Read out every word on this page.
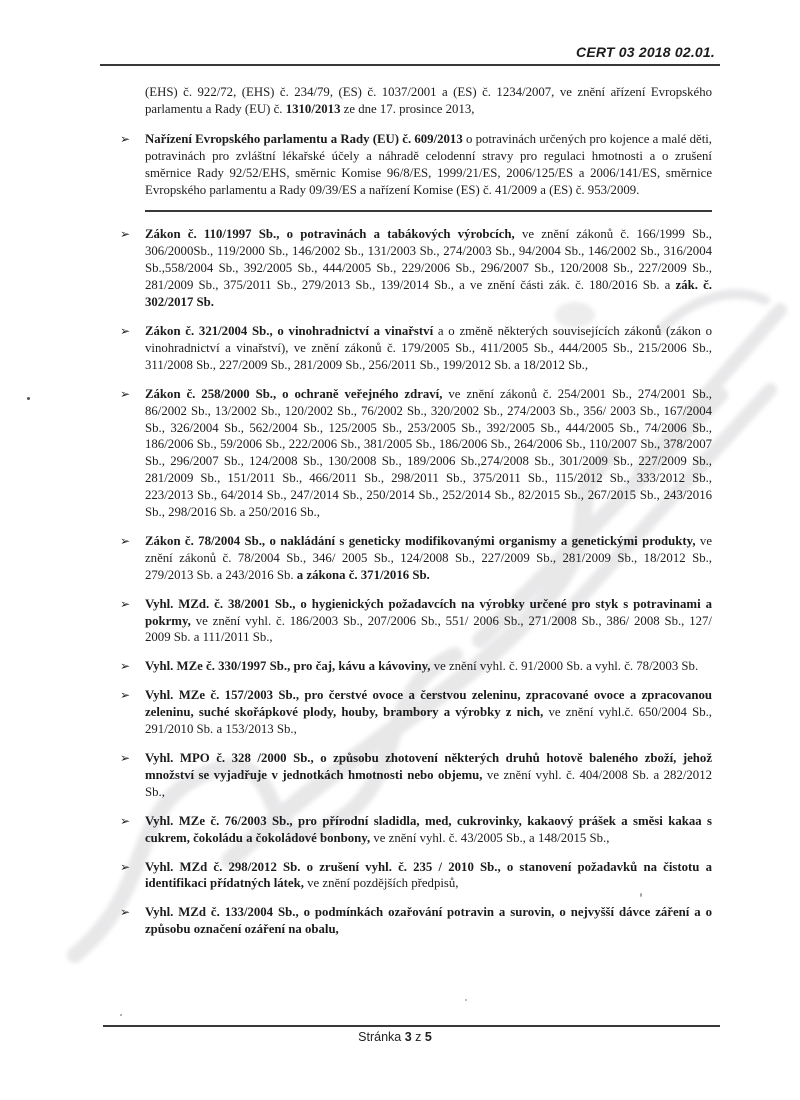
CERT 03 2018 02.01.
(EHS) č. 922/72, (EHS) č. 234/79, (ES) č. 1037/2001 a (ES) č. 1234/2007, ve znění ařízení Evropského parlamentu a Rady (EU) č. 1310/2013 ze dne 17. prosince 2013,
➢ Nařízení Evropského parlamentu a Rady (EU) č. 609/2013 o potravinách určených pro kojence a malé děti, potravinách pro zvláštní lékařské účely a náhradě celodenní stravy pro regulaci hmotnosti a o zrušení směrnice Rady 92/52/EHS, směrnic Komise 96/8/ES, 1999/21/ES, 2006/125/ES a 2006/141/ES, směrnice Evropského parlamentu a Rady 09/39/ES a nařízení Komise (ES) č. 41/2009 a (ES) č. 953/2009.
➢ Zákon č. 110/1997 Sb., o potravinách a tabákových výrobcích, ve znění zákonů č. 166/1999 Sb., 306/2000Sb., 119/2000 Sb., 146/2002 Sb., 131/2003 Sb., 274/2003 Sb., 94/2004 Sb., 146/2002 Sb., 316/2004 Sb.,558/2004 Sb., 392/2005 Sb., 444/2005 Sb., 229/2006 Sb., 296/2007 Sb., 120/2008 Sb., 227/2009 Sb., 281/2009 Sb., 375/2011 Sb., 279/2013 Sb., 139/2014 Sb., a ve znění části zák. č. 180/2016 Sb. a zák. č. 302/2017 Sb.
➢ Zákon č. 321/2004 Sb., o vinohradnictví a vinařství a o změně některých souvisejících zákonů (zákon o vinohradnictví a vinařství), ve znění zákonů č. 179/2005 Sb., 411/2005 Sb., 444/2005 Sb., 215/2006 Sb., 311/2008 Sb., 227/2009 Sb., 281/2009 Sb., 256/2011 Sb., 199/2012 Sb. a 18/2012 Sb.,
➢ Zákon č. 258/2000 Sb., o ochraně veřejného zdraví, ve znění zákonů č. 254/2001 Sb., 274/2001 Sb., 86/2002 Sb., 13/2002 Sb., 120/2002 Sb., 76/2002 Sb., 320/2002 Sb., 274/2003 Sb., 356/ 2003 Sb., 167/2004 Sb., 326/2004 Sb., 562/2004 Sb., 125/2005 Sb., 253/2005 Sb., 392/2005 Sb., 444/2005 Sb., 74/2006 Sb., 186/2006 Sb., 59/2006 Sb., 222/2006 Sb., 381/2005 Sb., 186/2006 Sb., 264/2006 Sb., 110/2007 Sb., 378/2007 Sb., 296/2007 Sb., 124/2008 Sb., 130/2008 Sb., 189/2006 Sb.,274/2008 Sb., 301/2009 Sb., 227/2009 Sb., 281/2009 Sb., 151/2011 Sb., 466/2011 Sb., 298/2011 Sb., 375/2011 Sb., 115/2012 Sb., 333/2012 Sb., 223/2013 Sb., 64/2014 Sb., 247/2014 Sb., 250/2014 Sb., 252/2014 Sb., 82/2015 Sb., 267/2015 Sb., 243/2016 Sb., 298/2016 Sb. a 250/2016 Sb.,
➢ Zákon č. 78/2004 Sb., o nakládání s geneticky modifikovanými organismy a genetickými produkty, ve znění zákonů č. 78/2004 Sb., 346/ 2005 Sb., 124/2008 Sb., 227/2009 Sb., 281/2009 Sb., 18/2012 Sb., 279/2013 Sb. a 243/2016 Sb. a zákona č. 371/2016 Sb.
➢ Vyhl. MZd. č. 38/2001 Sb., o hygienických požadavcích na výrobky určené pro styk s potravinami a pokrmy, ve znění vyhl. č. 186/2003 Sb., 207/2006 Sb., 551/ 2006 Sb., 271/2008 Sb., 386/ 2008 Sb., 127/ 2009 Sb. a 111/2011 Sb.,
➢ Vyhl. MZe č. 330/1997 Sb., pro čaj, kávu a kávoviny, ve znění vyhl. č. 91/2000 Sb. a vyhl. č. 78/2003 Sb.
➢ Vyhl. MZe č. 157/2003 Sb., pro čerstvé ovoce a čerstvou zeleninu, zpracované ovoce a zpracovanou zeleninu, suché skořápkové plody, houby, brambory a výrobky z nich, ve znění vyhl.č. 650/2004 Sb., 291/2010 Sb. a 153/2013 Sb.,
➢ Vyhl. MPO č. 328 /2000 Sb., o způsobu zhotovení některých druhů hotově baleného zboží, jehož množství se vyjadřuje v jednotkách hmotnosti nebo objemu, ve znění vyhl. č. 404/2008 Sb. a 282/2012 Sb.,
➢ Vyhl. MZe č. 76/2003 Sb., pro přírodní sladidla, med, cukrovinky, kakaový prášek a směsi kakaa s cukrem, čokoládu a čokoládové bonbony, ve znění vyhl. č. 43/2005 Sb., a 148/2015 Sb.,
➢ Vyhl. MZd č. 298/2012 Sb. o zrušení vyhl. č. 235 / 2010 Sb., o stanovení požadavků na čistotu a identifikaci přídatných látek, ve znění pozdějších předpisů,
➢ Vyhl. MZd č. 133/2004 Sb., o podmínkách ozařování potravin a surovin, o nejvyšší dávce záření a o způsobu označení ozáření na obalu,
Stránka 3 z 5
